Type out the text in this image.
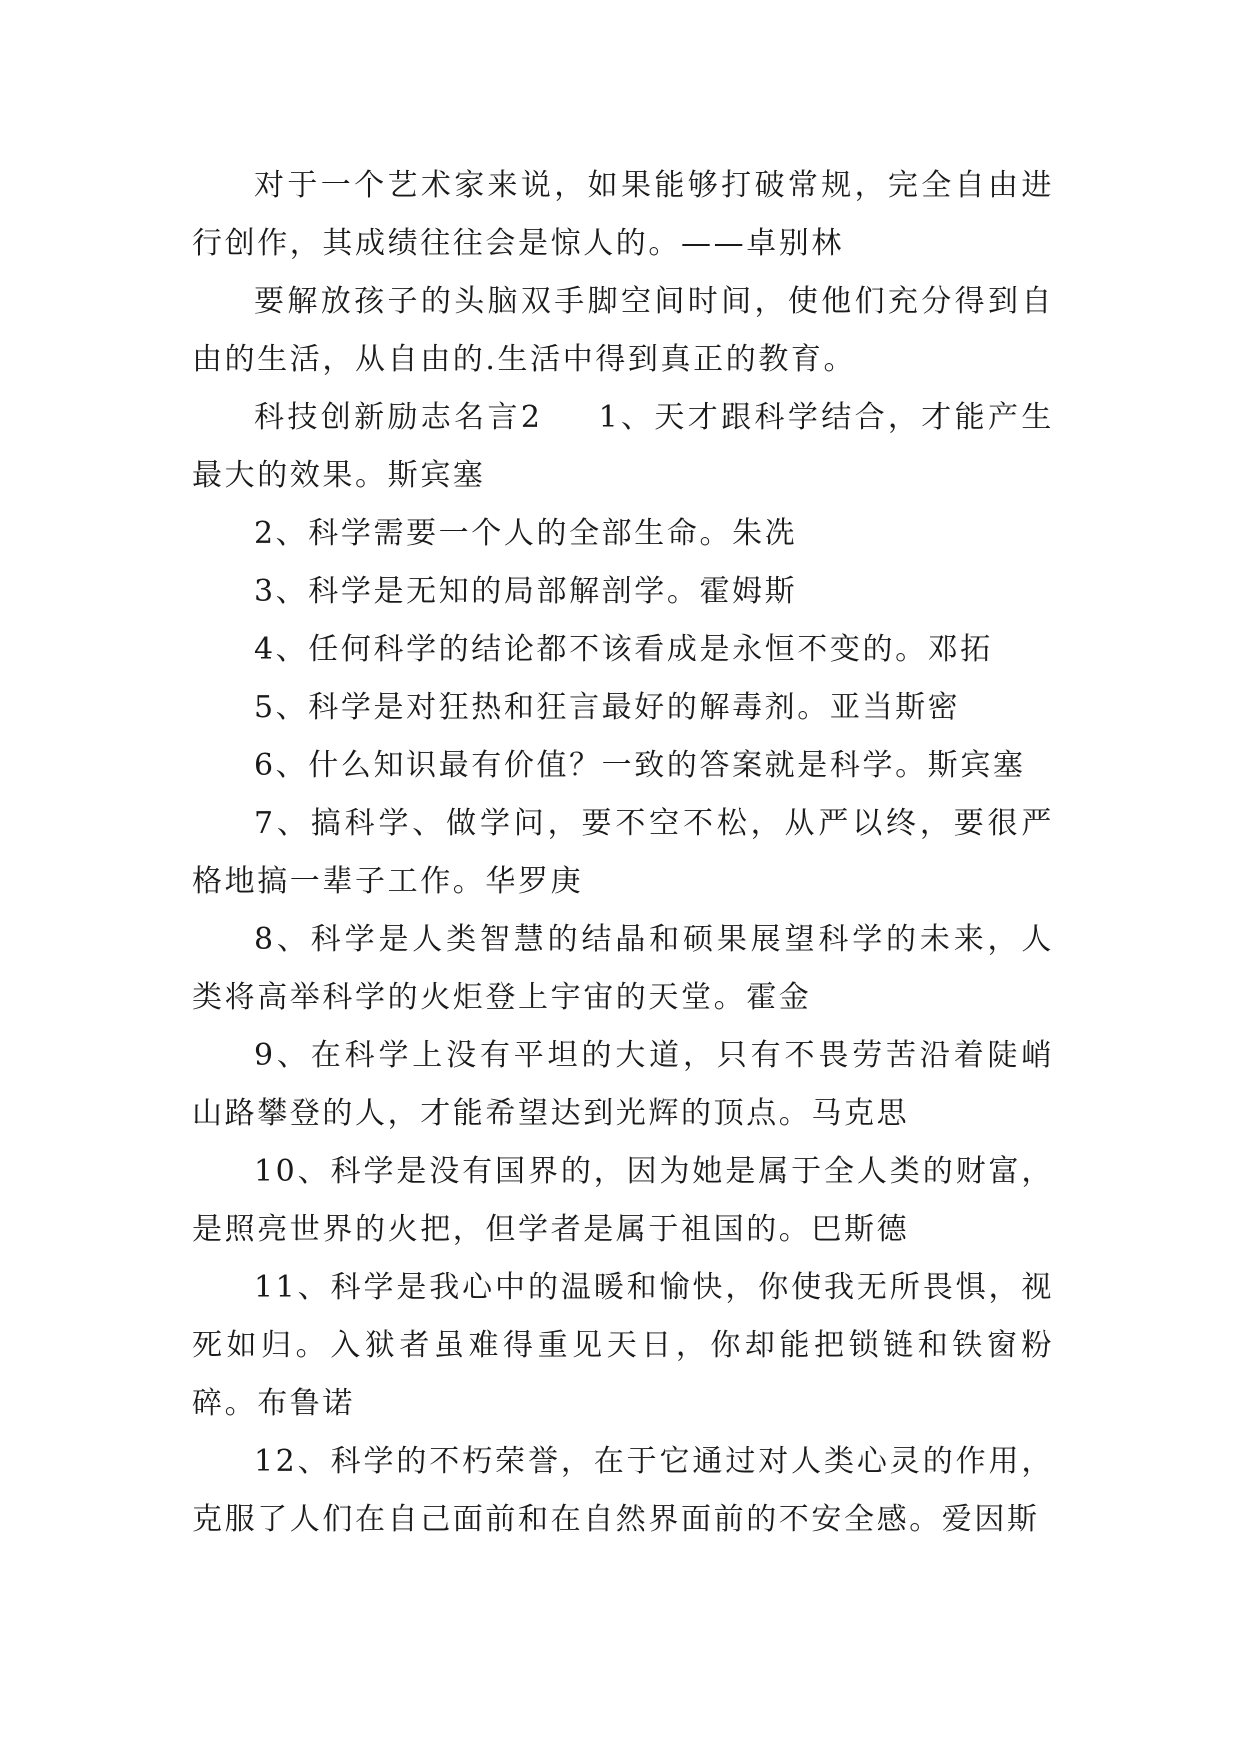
对于一个艺术家来说，如果能够打破常规，完全自由进行创作，其成绩往往会是惊人的。——卓别林

要解放孩子的头脑双手脚空间时间，使他们充分得到自由的生活，从自由的.生活中得到真正的教育。

科技创新励志名言2 1、天才跟科学结合，才能产生最大的效果。斯宾塞

2、科学需要一个人的全部生命。朱冼

3、科学是无知的局部解剖学。霍姆斯

4、任何科学的结论都不该看成是永恒不变的。邓拓

5、科学是对狂热和狂言最好的解毒剂。亚当斯密

6、什么知识最有价值？一致的答案就是科学。斯宾塞

7、搞科学、做学问，要不空不松，从严以终，要很严格地搞一辈子工作。华罗庚

8、科学是人类智慧的结晶和硕果展望科学的未来，人类将高举科学的火炬登上宇宙的天堂。霍金

9、在科学上没有平坦的大道，只有不畏劳苦沿着陡峭山路攀登的人，才能希望达到光辉的顶点。马克思

10、科学是没有国界的，因为她是属于全人类的财富，是照亮世界的火把，但学者是属于祖国的。巴斯德

11、科学是我心中的温暖和愉快，你使我无所畏惧，视死如归。入狱者虽难得重见天日，你却能把锁链和铁窗粉碎。布鲁诺

12、科学的不朽荣誉，在于它通过对人类心灵的作用，克服了人们在自己面前和在自然界面前的不安全感。爱因斯
